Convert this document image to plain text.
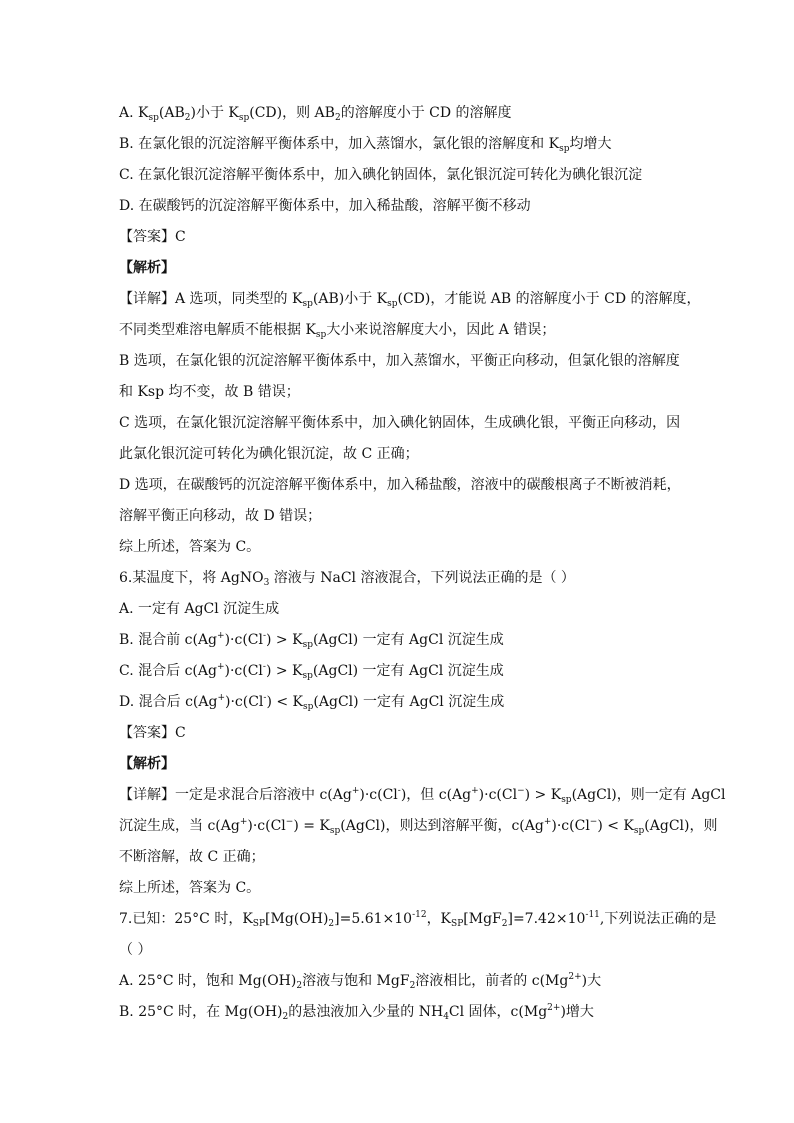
A. $K_{sp}(AB_2)$小于 $K_{sp}(CD)$，则 $AB_2$的溶解度小于 CD 的溶解度
B. 在氯化银的沉淀溶解平衡体系中，加入蒸馏水，氯化银的溶解度和 $K_{sp}$均增大
C. 在氯化银沉淀溶解平衡体系中，加入碘化钠固体，氯化银沉淀可转化为碘化银沉淀
D. 在碳酸钙的沉淀溶解平衡体系中，加入稀盐酸，溶解平衡不移动
【答案】C
【解析】
【详解】A 选项，同类型的 $K_{sp}(AB)$小于 $K_{sp}(CD)$，才能说 AB 的溶解度小于 CD 的溶解度，
不同类型难溶电解质不能根据 $K_{sp}$大小来说溶解度大小，因此 A 错误；
B 选项，在氯化银的沉淀溶解平衡体系中，加入蒸馏水，平衡正向移动，但氯化银的溶解度
和 Ksp 均不变，故 B 错误；
C 选项，在氯化银沉淀溶解平衡体系中，加入碘化钠固体，生成碘化银，平衡正向移动，因
此氯化银沉淀可转化为碘化银沉淀，故 C 正确；
D 选项，在碳酸钙的沉淀溶解平衡体系中，加入稀盐酸，溶液中的碳酸根离子不断被消耗，
溶解平衡正向移动，故 D 错误；
综上所述，答案为 C。
6.某温度下，将 AgNO$_3$ 溶液与 NaCl 溶液混合，下列说法正确的是（ ）
A. 一定有 AgCl 沉淀生成
B. 混合前 $c(Ag^+)\cdot c(Cl^-) > K_{sp}(AgCl)$ 一定有 AgCl 沉淀生成
C. 混合后 $c(Ag^+)\cdot c(Cl^-) > K_{sp}(AgCl)$ 一定有 AgCl 沉淀生成
D. 混合后 $c(Ag^+)\cdot c(Cl^-) < K_{sp}(AgCl)$ 一定有 AgCl 沉淀生成
【答案】C
【解析】
【详解】一定是求混合后溶液中 c(Ag+)·c(Cl-)，但 $c(Ag^+)\cdot c(Cl^-) > K_{sp}(AgCl)$，则一定有 AgCl
沉淀生成，当 $c(Ag^+)\cdot c(Cl^-) = K_{sp}(AgCl)$，则达到溶解平衡，$c(Ag^+)\cdot c(Cl^-) < K_{sp}(AgCl)$，则
不断溶解，故 C 正确；
综上所述，答案为 C。
7.已知：25°C 时，$K_{SP}[Mg(OH)_2]=5.61\times 10^{-12}$，$K_{SP}[MgF_2]=7.42\times 10^{-11}$,下列说法正确的是
（ ）
A. 25°C 时，饱和 $Mg(OH)_2$溶液与饱和 MgF$_2$溶液相比，前者的 $c(Mg^{2+})$大
B. 25°C 时，在 $Mg(OH)_2$的悬浊液加入少量的 $NH_4Cl$ 固体，$c(Mg^{2+})$增大
